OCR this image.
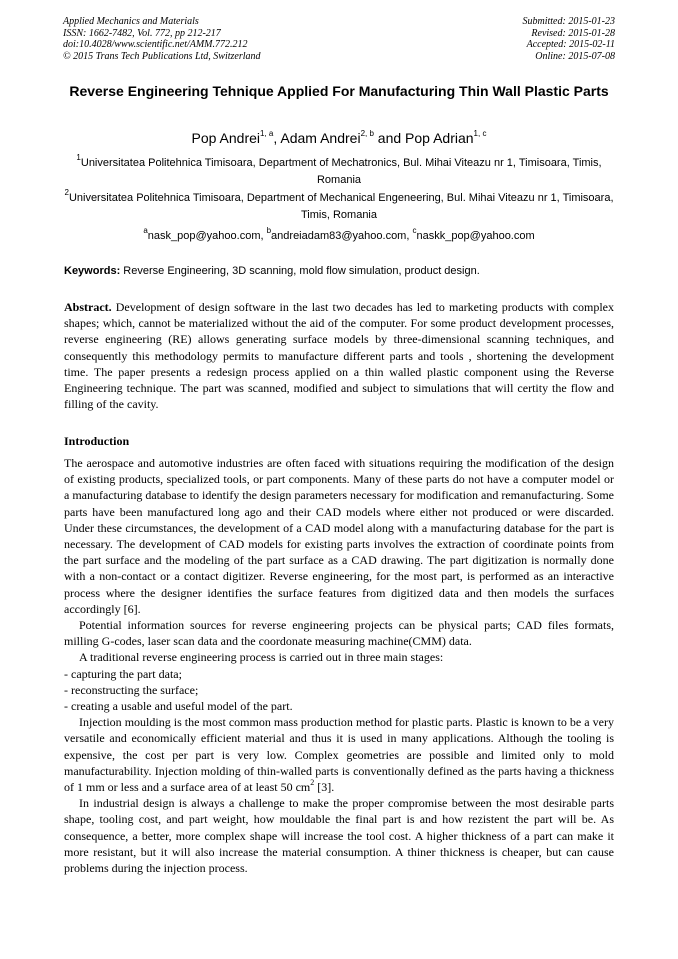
Applied Mechanics and Materials
ISSN: 1662-7482, Vol. 772, pp 212-217
doi:10.4028/www.scientific.net/AMM.772.212
© 2015 Trans Tech Publications Ltd, Switzerland
Submitted: 2015-01-23
Revised: 2015-01-28
Accepted: 2015-02-11
Online: 2015-07-08
Reverse Engineering Tehnique Applied For Manufacturing Thin Wall Plastic Parts
Pop Andrei$^{1, a}$, Adam Andrei$^{2, b}$ and Pop Adrian$^{1, c}$
$^1$Universitatea Politehnica Timisoara, Department of Mechatronics, Bul. Mihai Viteazu nr 1, Timisoara, Timis, Romania
$^2$Universitatea Politehnica Timisoara, Department of Mechanical Engeneering, Bul. Mihai Viteazu nr 1, Timisoara, Timis, Romania
$^a$nask_pop@yahoo.com, $^b$andreiadam83@yahoo.com, $^c$naskk_pop@yahoo.com
Keywords: Reverse Engineering, 3D scanning, mold flow simulation, product design.
Abstract. Development of design software in the last two decades has led to marketing products with complex shapes; which, cannot be materialized without the aid of the computer. For some product development processes, reverse engineering (RE) allows generating surface models by three-dimensional scanning techniques, and consequently this methodology permits to manufacture different parts and tools , shortening the development time. The paper presents a redesign process applied on a thin walled plastic component using the Reverse Engineering technique. The part was scanned, modified and subject to simulations that will certity the flow and filling of the cavity.
Introduction

The aerospace and automotive industries are often faced with situations requiring the modification of the design of existing products, specialized tools, or part components. Many of these parts do not have a computer model or a manufacturing database to identify the design parameters necessary for modification and remanufacturing. Some parts have been manufactured long ago and their CAD models where either not produced or were discarded. Under these circumstances, the development of a CAD model along with a manufacturing database for the part is necessary. The development of CAD models for existing parts involves the extraction of coordinate points from the part surface and the modeling of the part surface as a CAD drawing. The part digitization is normally done with a non-contact or a contact digitizer. Reverse engineering, for the most part, is performed as an interactive process where the designer identifies the surface features from digitized data and then models the surfaces accordingly [6].

Potential information sources for reverse engineering projects can be physical parts; CAD files formats, milling G-codes, laser scan data and the coordonate measuring machine(CMM) data.

A traditional reverse engineering process is carried out in three main stages:

- capturing the part data;

- reconstructing the surface;

- creating a usable and useful model of the part.

Injection moulding is the most common mass production method for plastic parts. Plastic is known to be a very versatile and economically efficient material and thus it is used in many applications. Although the tooling is expensive, the cost per part is very low. Complex geometries are possible and limited only to mold manufacturability. Injection molding of thin-walled parts is conventionally defined as the parts having a thickness of 1 mm or less and a surface area of at least 50 $cm^2$ [3].

In industrial design is always a challenge to make the proper compromise between the most desirable parts shape, tooling cost, and part weight, how mouldable the final part is and how rezistent the part will be. As consequence, a better, more complex shape will increase the tool cost. A higher thickness of a part can make it more resistant, but it will also increase the material consumption. A thiner thickness is cheaper, but can cause problems during the injection process.
